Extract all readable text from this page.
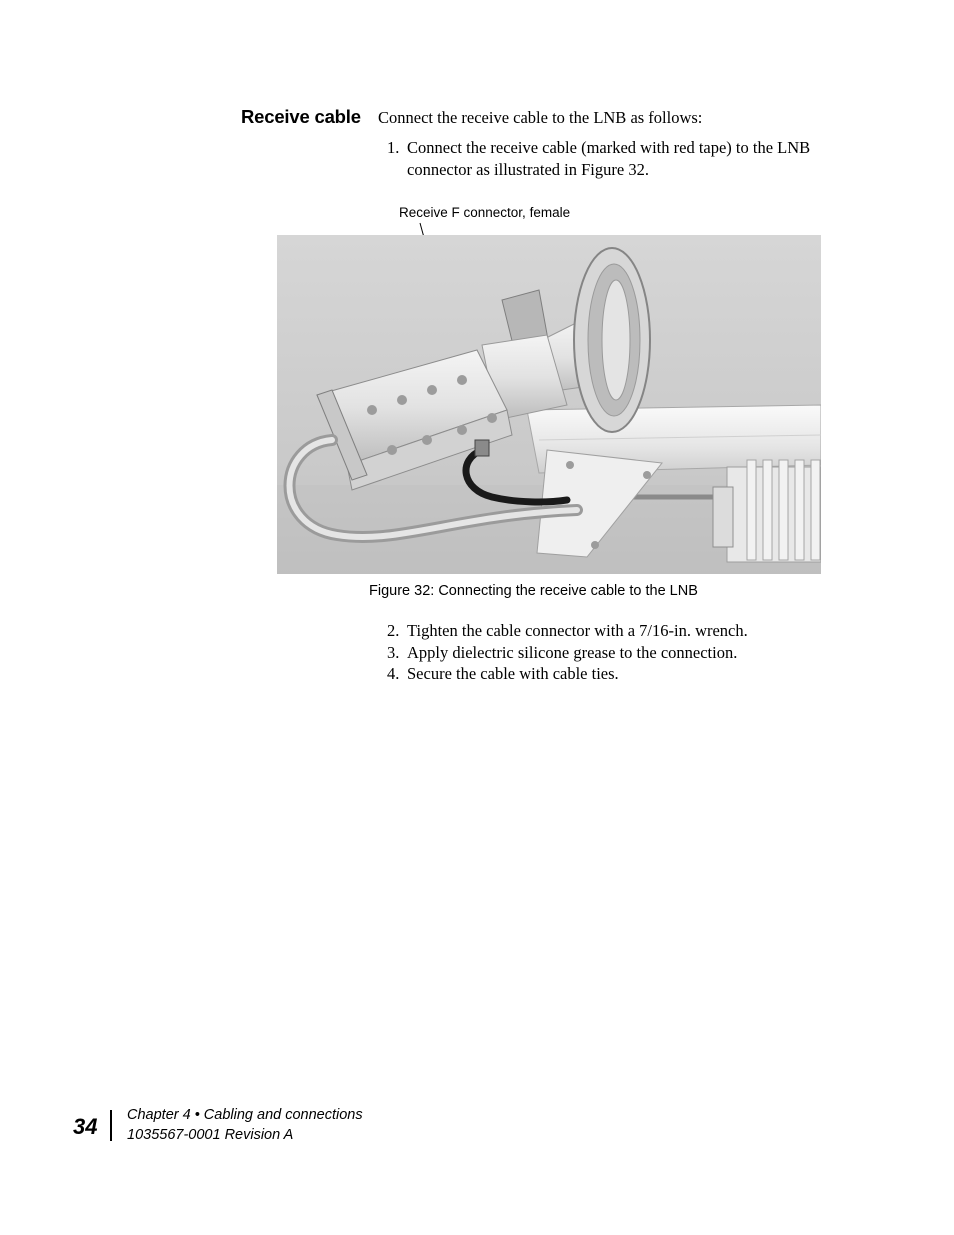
Receive cable Connect the receive cable to the LNB as follows:
1. Connect the receive cable (marked with red tape) to the LNB connector as illustrated in Figure 32.
Receive F connector, female
Figure 32: Connecting the receive cable to the LNB
2. Tighten the cable connector with a 7/16-in. wrench.
3. Apply dielectric silicone grease to the connection.
4. Secure the cable with cable ties.
34 Chapter 4 • Cabling and connections
1035567-0001 Revision A
